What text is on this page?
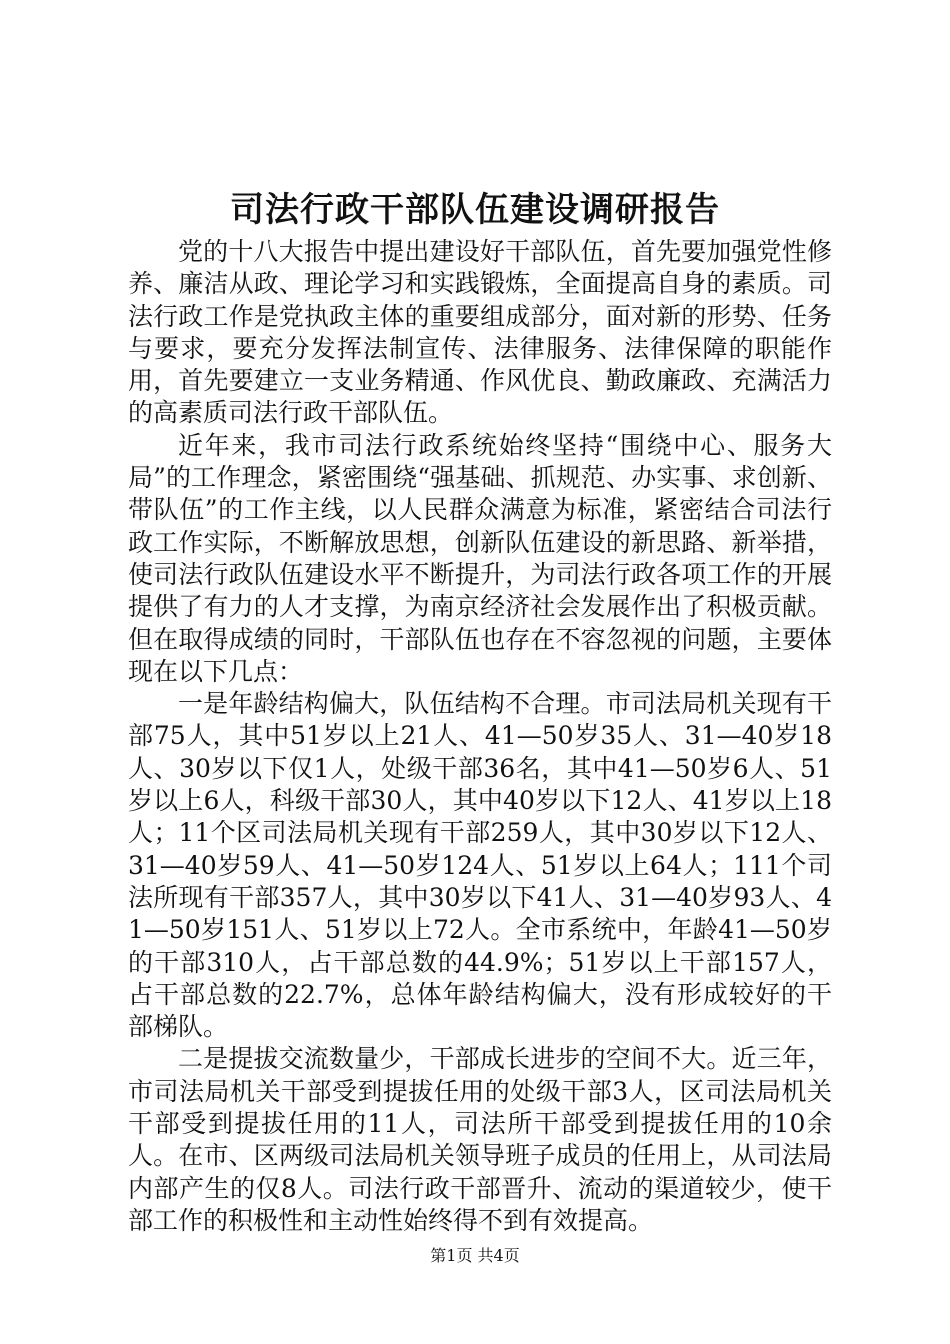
司法行政干部队伍建设调研报告

党的十八大报告中提出建设好干部队伍，首先要加强党性修养、廉洁从政、理论学习和实践锻炼，全面提高自身的素质。司法行政工作是党执政主体的重要组成部分，面对新的形势、任务与要求，要充分发挥法制宣传、法律服务、法律保障的职能作用，首先要建立一支业务精通、作风优良、勤政廉政、充满活力的高素质司法行政干部队伍。

近年来，我市司法行政系统始终坚持“围绕中心、服务大局”的工作理念，紧密围绕“强基础、抓规范、办实事、求创新、带队伍”的工作主线，以人民群众满意为标准，紧密结合司法行政工作实际，不断解放思想，创新队伍建设的新思路、新举措，使司法行政队伍建设水平不断提升，为司法行政各项工作的开展提供了有力的人才支撑，为南京经济社会发展作出了积极贡献。但在取得成绩的同时，干部队伍也存在不容忽视的问题，主要体现在以下几点：

一是年龄结构偏大，队伍结构不合理。市司法局机关现有干部75人，其中51岁以上21人、41—50岁35人、31—40岁18人、30岁以下仅1人，处级干部36名，其中41—50岁6人、51岁以上6人，科级干部30人，其中40岁以下12人、41岁以上18人；11个区司法局机关现有干部259人，其中30岁以下12人、31—40岁59人、41—50岁124人、51岁以上64人；111个司法所现有干部357人，其中30岁以下41人、31—40岁93人、41—50岁151人、51岁以上72人。全市系统中，年龄41—50岁的干部310人，占干部总数的44.9%；51岁以上干部157人，占干部总数的22.7%，总体年龄结构偏大，没有形成较好的干部梯队。

二是提拔交流数量少，干部成长进步的空间不大。近三年，市司法局机关干部受到提拔任用的处级干部3人，区司法局机关干部受到提拔任用的11人，司法所干部受到提拔任用的10余人。在市、区两级司法局机关领导班子成员的任用上，从司法局内部产生的仅8人。司法行政干部晋升、流动的渠道较少，使干部工作的积极性和主动性始终得不到有效提高。

第1页 共4页
